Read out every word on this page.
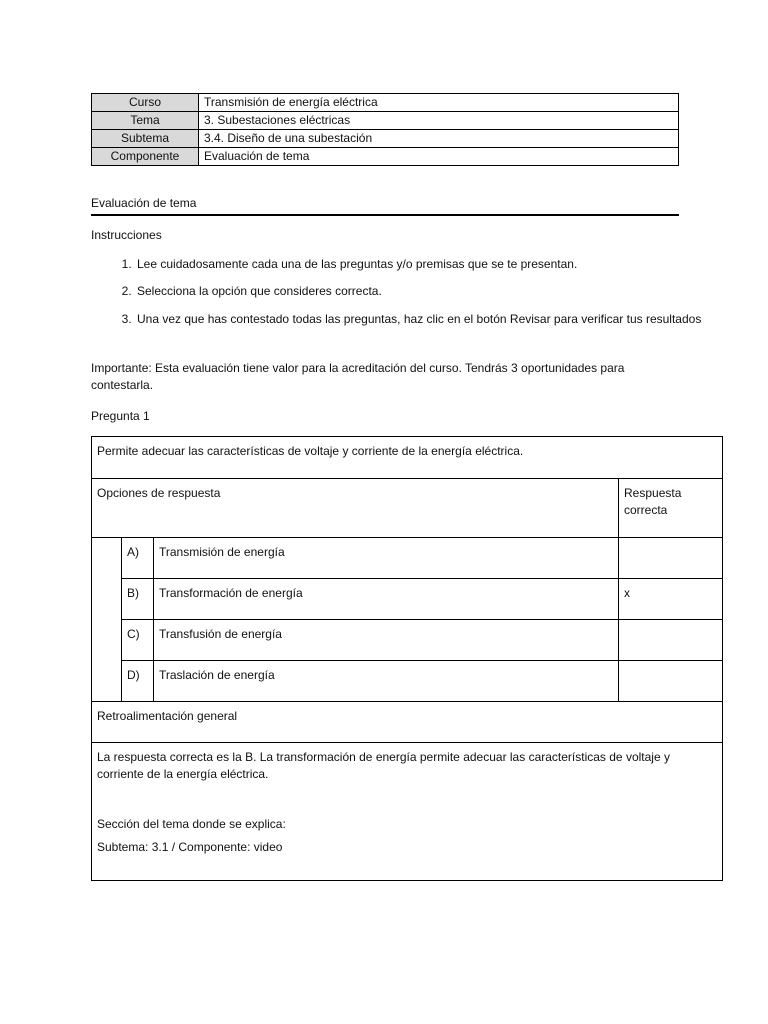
Curso	Transmisión de energía eléctrica
Tema	3. Subestaciones eléctricas
Subtema	3.4. Diseño de una subestación
Componente	Evaluación de tema
Evaluación de tema
Instrucciones
1. Lee cuidadosamente cada una de las preguntas y/o premisas que se te presentan.
2. Selecciona la opción que consideres correcta.
3. Una vez que has contestado todas las preguntas, haz clic en el botón Revisar para verificar tus resultados
Importante: Esta evaluación tiene valor para la acreditación del curso. Tendrás 3 oportunidades para contestarla.
Pregunta 1
Permite adecuar las características de voltaje y corriente de la energía eléctrica.			
Opciones de respuesta			Respuesta correcta
	A)	Transmisión de energía	
	B)	Transformación de energía	x
	C)	Transfusión de energía	
	D)	Traslación de energía	
Retroalimentación general			

La respuesta correcta es la B. La transformación de energía permite adecuar las características de voltaje y corriente de la energía eléctrica.
Sección del tema donde se explica:
Subtema: 3.1 / Componente: video			
